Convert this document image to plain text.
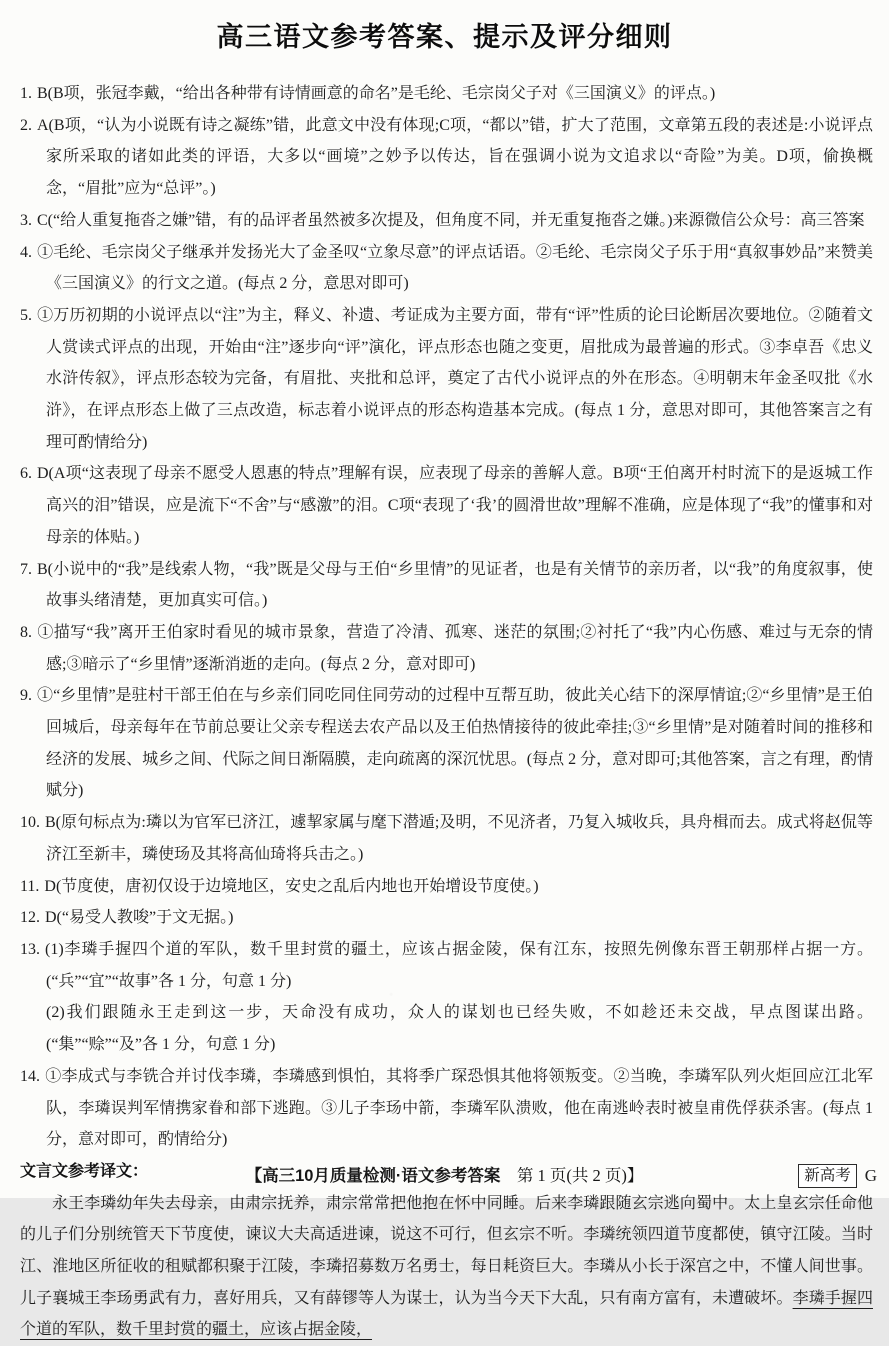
高三语文参考答案、提示及评分细则
1. B(B项，张冠李戴，“给出各种带有诗情画意的命名”是毛纶、毛宗岗父子对《三国演义》的评点。)
2. A(B项，“认为小说既有诗之凝练”错，此意文中没有体现;C项，“都以”错，扩大了范围，文章第五段的表述是:小说评点家所采取的诸如此类的评语，大多以“画境”之妙予以传达，旨在强调小说为文追求以“奇险”为美。D项，偷换概念，“眉批”应为“总评”。)
3. C(“给人重复拖沓之嫌”错，有的品评者虽然被多次提及，但角度不同，并无重复拖沓之嫌。)来源微信公众号：高三答案
4. ①毛纶、毛宗岗父子继承并发扬光大了金圣叹“立象尽意”的评点话语。②毛纶、毛宗岗父子乐于用“真叙事妙品”来赞美《三国演义》的行文之道。(每点 2 分，意思对即可)
5. ①万历初期的小说评点以“注”为主，释义、补遗、考证成为主要方面，带有“评”性质的论曰论断居次要地位。②随着文人赏读式评点的出现，开始由“注”逐步向“评”演化，评点形态也随之变更，眉批成为最普遍的形式。③李卓吾《忠义水浒传叙》，评点形态较为完备，有眉批、夹批和总评，奠定了古代小说评点的外在形态。④明朝末年金圣叹批《水浒》，在评点形态上做了三点改造，标志着小说评点的形态构造基本完成。(每点 1 分，意思对即可，其他答案言之有理可酌情给分)
6. D(A项“这表现了母亲不愿受人恩惠的特点”理解有误，应表现了母亲的善解人意。B项“王伯离开村时流下的是返城工作高兴的泪”错误，应是流下“不舍”与“感激”的泪。C项“表现了‘我’的圆滑世故”理解不准确，应是体现了“我”的懂事和对母亲的体贴。)
7. B(小说中的“我”是线索人物，“我”既是父母与王伯“乡里情”的见证者，也是有关情节的亲历者，以“我”的角度叙事，使故事头绪清楚，更加真实可信。)
8. ①描写“我”离开王伯家时看见的城市景象，营造了冷清、孤寒、迷茫的氛围;②衬托了“我”内心伤感、难过与无奈的情感;③暗示了“乡里情”逐渐消逝的走向。(每点 2 分，意对即可)
9. ①“乡里情”是驻村干部王伯在与乡亲们同吃同住同劳动的过程中互帮互助，彼此关心结下的深厚情谊;②“乡里情”是王伯回城后，母亲每年在节前总要让父亲专程送去农产品以及王伯热情接待的彼此牵挂;③“乡里情”是对随着时间的推移和经济的发展、城乡之间、代际之间日渐隔膜，走向疏离的深沉忧思。(每点 2 分，意对即可;其他答案，言之有理，酌情赋分)
10. B(原句标点为:璘以为官军已济江，遽挈家属与麾下潜遁;及明，不见济者，乃复入城收兵，具舟楫而去。成式将赵侃等济江至新丰，璘使玚及其将高仙琦将兵击之。)
11. D(节度使，唐初仅设于边境地区，安史之乱后内地也开始增设节度使。)
12. D(“易受人教唆”于文无据。)
13. (1)李璘手握四个道的军队，数千里封赏的疆土，应该占据金陵，保有江东，按照先例像东晋王朝那样占据一方。(“兵”“宜”“故事”各 1 分，句意 1 分)
(2)我们跟随永王走到这一步，天命没有成功，众人的谋划也已经失败，不如趁还未交战，早点图谋出路。(“集”“赊”“及”各 1 分，句意 1 分)
14. ①李成式与李铣合并讨伐李璘，李璘感到惧怕，其将季广琛恐惧其他将领叛变。②当晚，李璘军队列火炬回应江北军队，李璘误判军情携家眷和部下逃跑。③儿子李玚中箭，李璘军队溃败，他在南逃岭表时被皇甫侁俘获杀害。(每点 1 分，意对即可，酌情给分)
文言文参考译文：

永王李璘幼年失去母亲，由肃宗抚养，肃宗常常把他抱在怀中同睡。后来李璘跟随玄宗逃向蜀中。太上皇玄宗任命他的儿子们分别统管天下节度使，谏议大夫高适进谏，说这不可行，但玄宗不听。李璘统领四道节度都使，镇守江陵。当时江、淮地区所征收的租赋都积聚于江陵，李璘招募数万名勇士，每日耗资巨大。李璘从小长于深宫之中，不懂人间世事。儿子襄城王李玚勇武有力，喜好用兵，又有薛镠等人为谋士，认为当今天下大乱，只有南方富有，未遭破坏。李璘手握四个道的军队，数千里封赏的疆土，应该占据金陵，

【高三10月质量检测·语文参考答案　第 1 页(共 2 页)】	新高考 G
